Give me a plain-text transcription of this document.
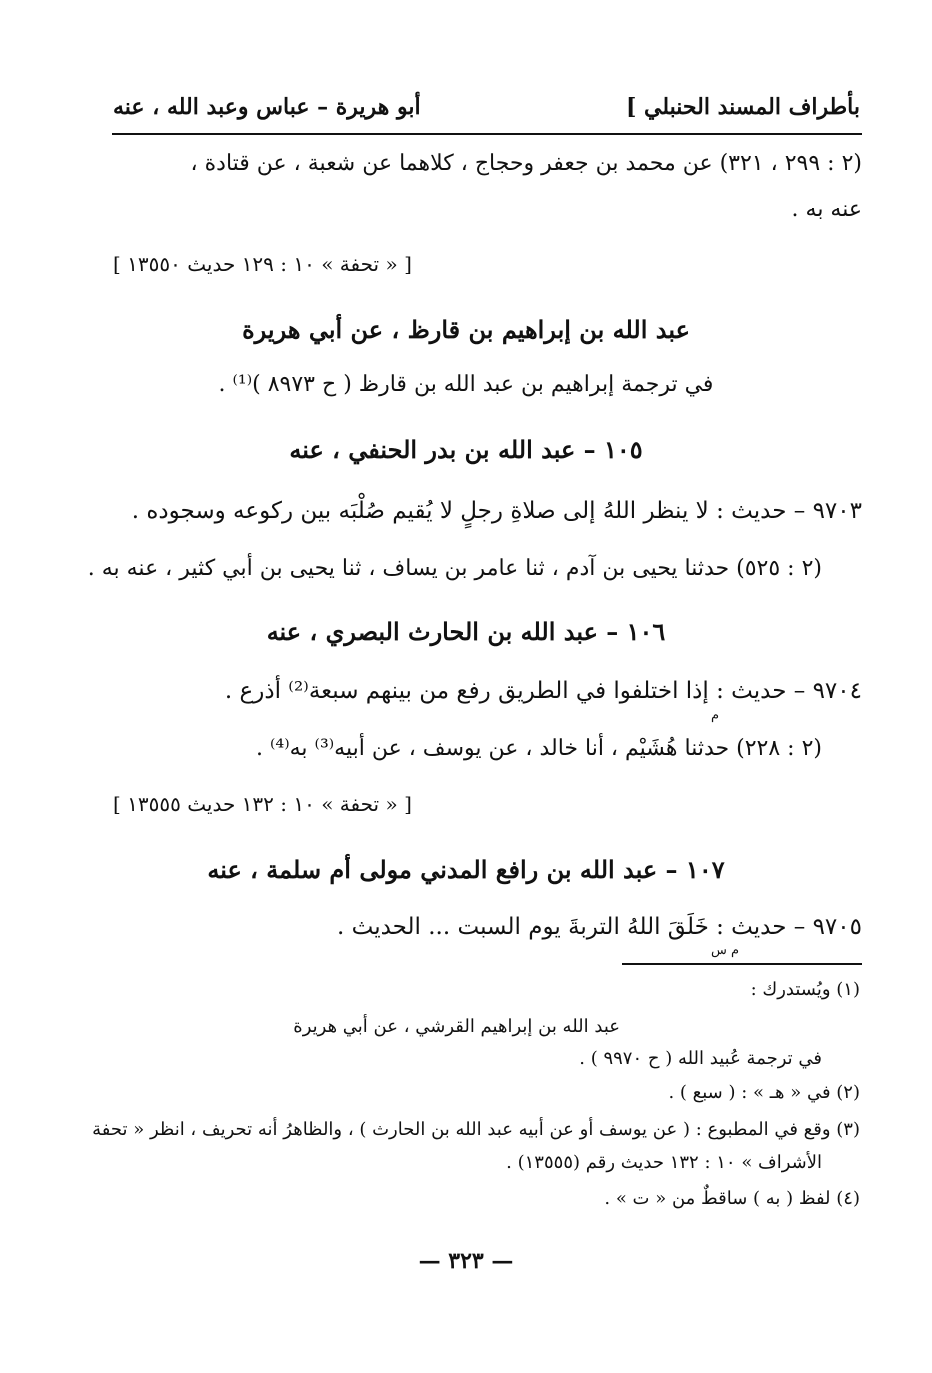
بأطراف المسند الحنبلي ]
أبو هريرة – عباس وعبد الله ، عنه
(٢ : ٢٩٩ ، ٣٢١) عن محمد بن جعفر وحجاج ، كلاهما عن شعبة ، عن قتادة ،
عنه به .
[ « تحفة » ١٠ : ١٢٩ حديث ١٣٥٥٠ ]
عبد الله بن إبراهيم بن قارظ ، عن أبي هريرة
في ترجمة إبراهيم بن عبد الله بن قارظ ( ح ٨٩٧٣ )⁽¹⁾ .
١٠٥ – عبد الله بن بدر الحنفي ، عنه
٩٧٠٣ – حديث : لا ينظر اللهُ إلى صلاةِ رجلٍ لا يُقيم صُلْبَه بين ركوعه وسجوده .
(٢ : ٥٢٥) حدثنا يحيى بن آدم ، ثنا عامر بن يساف ، ثنا يحيى بن أبي كثير ، عنه به .
١٠٦ – عبد الله بن الحارث البصري ، عنه
٩٧٠٤ – حديث : إذا اختلفوا في الطريق رفع من بينهم سبعة⁽²⁾ أذرع .
م
(٢ : ٢٢٨) حدثنا هُشَيْم ، أنا خالد ، عن يوسف ، عن أبيه⁽³⁾ به⁽⁴⁾ .
[ « تحفة » ١٠ : ١٣٢ حديث ١٣٥٥٥ ]
١٠٧ – عبد الله بن رافع المدني مولى أم سلمة ، عنه
٩٧٠٥ – حديث : خَلَقَ اللهُ التربةَ يوم السبت ... الحديث .
م س
(١) ويُستدرك :
عبد الله بن إبراهيم القرشي ، عن أبي هريرة
في ترجمة عُبيد الله ( ح ٩٩٧٠ ) .
(٢) في « هـ » : ( سبع ) .
(٣) وقع في المطبوع : ( عن يوسف أو عن أبيه عبد الله بن الحارث ) ، والظاهرُ أنه تحريف ، انظر « تحفة
الأشراف » ١٠ : ١٣٢ حديث رقم (١٣٥٥٥) .
(٤) لفظ ( به ) ساقطٌ من « ت » .
— ٣٢٣ —
